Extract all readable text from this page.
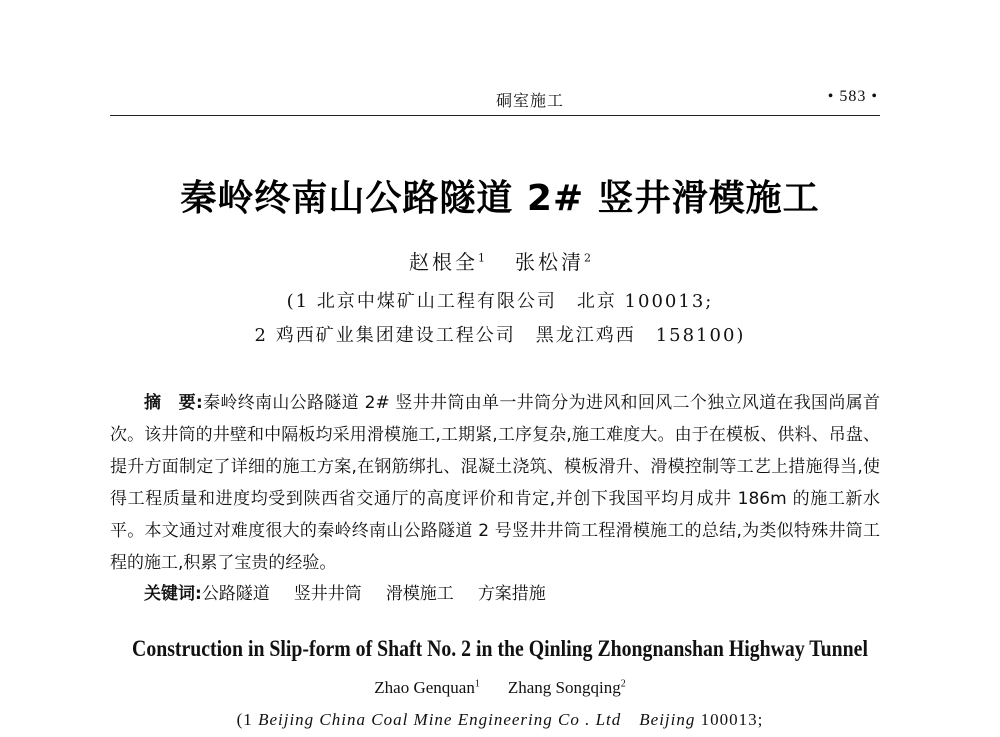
硐室施工	• 583 •
秦岭终南山公路隧道 2# 竖井滑模施工
赵根全$^1$ 张松清$^2$
(1 北京中煤矿山工程有限公司　北京 100013;
2 鸡西矿业集团建设工程公司　黑龙江鸡西　158100)

摘　要:秦岭终南山公路隧道 2# 竖井井筒由单一井筒分为进风和回风二个独立风道在我国尚属首次。该井筒的井壁和中隔板均采用滑模施工,工期紧,工序复杂,施工难度大。由于在模板、供料、吊盘、提升方面制定了详细的施工方案,在钢筋绑扎、混凝土浇筑、模板滑升、滑模控制等工艺上措施得当,使得工程质量和进度均受到陕西省交通厅的高度评价和肯定,并创下我国平均月成井 186m 的施工新水平。本文通过对难度很大的秦岭终南山公路隧道 2 号竖井井筒工程滑模施工的总结,为类似特殊井筒工程的施工,积累了宝贵的经验。

关键词:公路隧道 竖井井筒 滑模施工 方案措施
Construction in Slip-form of Shaft No. 2 in the Qinling Zhongnanshan Highway Tunnel
Zhao Genquan$^1$ Zhang Songqing$^2$
(1 Beijing China Coal Mine Engineering Co . Ltd　Beijing 100013;
